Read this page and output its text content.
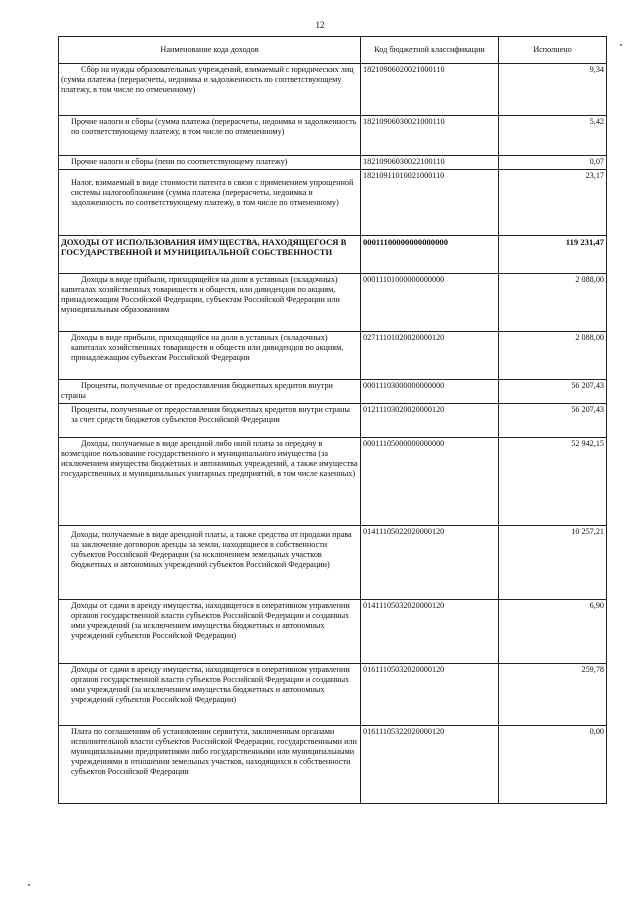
12
Наименование кода доходов	Код бюджетной классификации	Исполнено
Сбор на нужды образовательных учреждений, взимаемый с юридических лиц (сумма платежа (перерасчеты, недоимка и задолженность по соответствующему платежу, в том числе по отмененному)	18210906020021000110	9,34
Прочие налоги и сборы (сумма платежа (перерасчеты, недоимка и задолженность по соответствующему платежу, в том числе по отмененному)	18210906030021000110	5,42
Прочие налоги и сборы (пени по соответствующему платежу)	18210906030022100110	0,07
Налог, взимаемый в виде стоимости патента в связи с применением упрощенной системы налогообложения (сумма платежа (перерасчеты, недоимка и задолженность по соответствующему платежу, в том числе по отмененному)	18210911010021000110	23,17
ДОХОДЫ ОТ ИСПОЛЬЗОВАНИЯ ИМУЩЕСТВА, НАХОДЯЩЕГОСЯ В ГОСУДАРСТВЕННОЙ И МУНИЦИПАЛЬНОЙ СОБСТВЕННОСТИ	00011100000000000000	119 231,47
Доходы в виде прибыли, приходящейся на доли в уставных (складочных) капиталах хозяйственных товариществ и обществ, или дивидендов по акциям, принадлежащим Российской Федерации, субъектам Российской Федерации или муниципальным образованиям	00011101000000000000	2 088,00
Доходы в виде прибыли, приходящейся на доли в уставных (складочных) капиталах хозяйственных товариществ и обществ или дивидендов по акциям, принадлежащим субъектам Российской Федерации	02711101020020000120	2 088,00
Проценты, полученные от предоставления бюджетных кредитов внутри страны	00011103000000000000	56 207,43
Проценты, полученные от предоставления бюджетных кредитов внутри страны за счет средств бюджетов субъектов Российской Федерации	01211103020020000120	56 207,43
Доходы, получаемые в виде арендной либо иной платы за передачу в возмездное пользование государственного и муниципального имущества (за исключением имущества бюджетных и автономных учреждений, а также имущества государственных и муниципальных унитарных предприятий, в том числе казенных)	00011105000000000000	52 942,15
Доходы, получаемые в виде арендной платы, а также средства от продажи права на заключение договоров аренды за земли, находящиеся в собственности субъектов Российской Федерации (за исключением земельных участков бюджетных и автономных учреждений субъектов Российской Федерации)	01411105022020000120	10 257,21
Доходы от сдачи в аренду имущества, находящегося в оперативном управлении органов государственной власти субъектов Российской Федерации и созданных ими учреждений (за исключением имущества бюджетных и автономных учреждений субъектов Российской Федерации)	01411105032020000120	6,90
Доходы от сдачи в аренду имущества, находящегося в оперативном управлении органов государственной власти субъектов Российской Федерации и созданных ими учреждений (за исключением имущества бюджетных и автономных учреждений субъектов Российской Федерации)	01611105032020000120	259,78
Плата по соглашениям об установлении сервитута, заключенным органами исполнительной власти субъектов Российской Федерации, государственными или муниципальными предприятиями либо государственными или муниципальными учреждениями в отношении земельных участков, находящихся в собственности субъектов Российской Федерации	01611105322020000120	0,00
